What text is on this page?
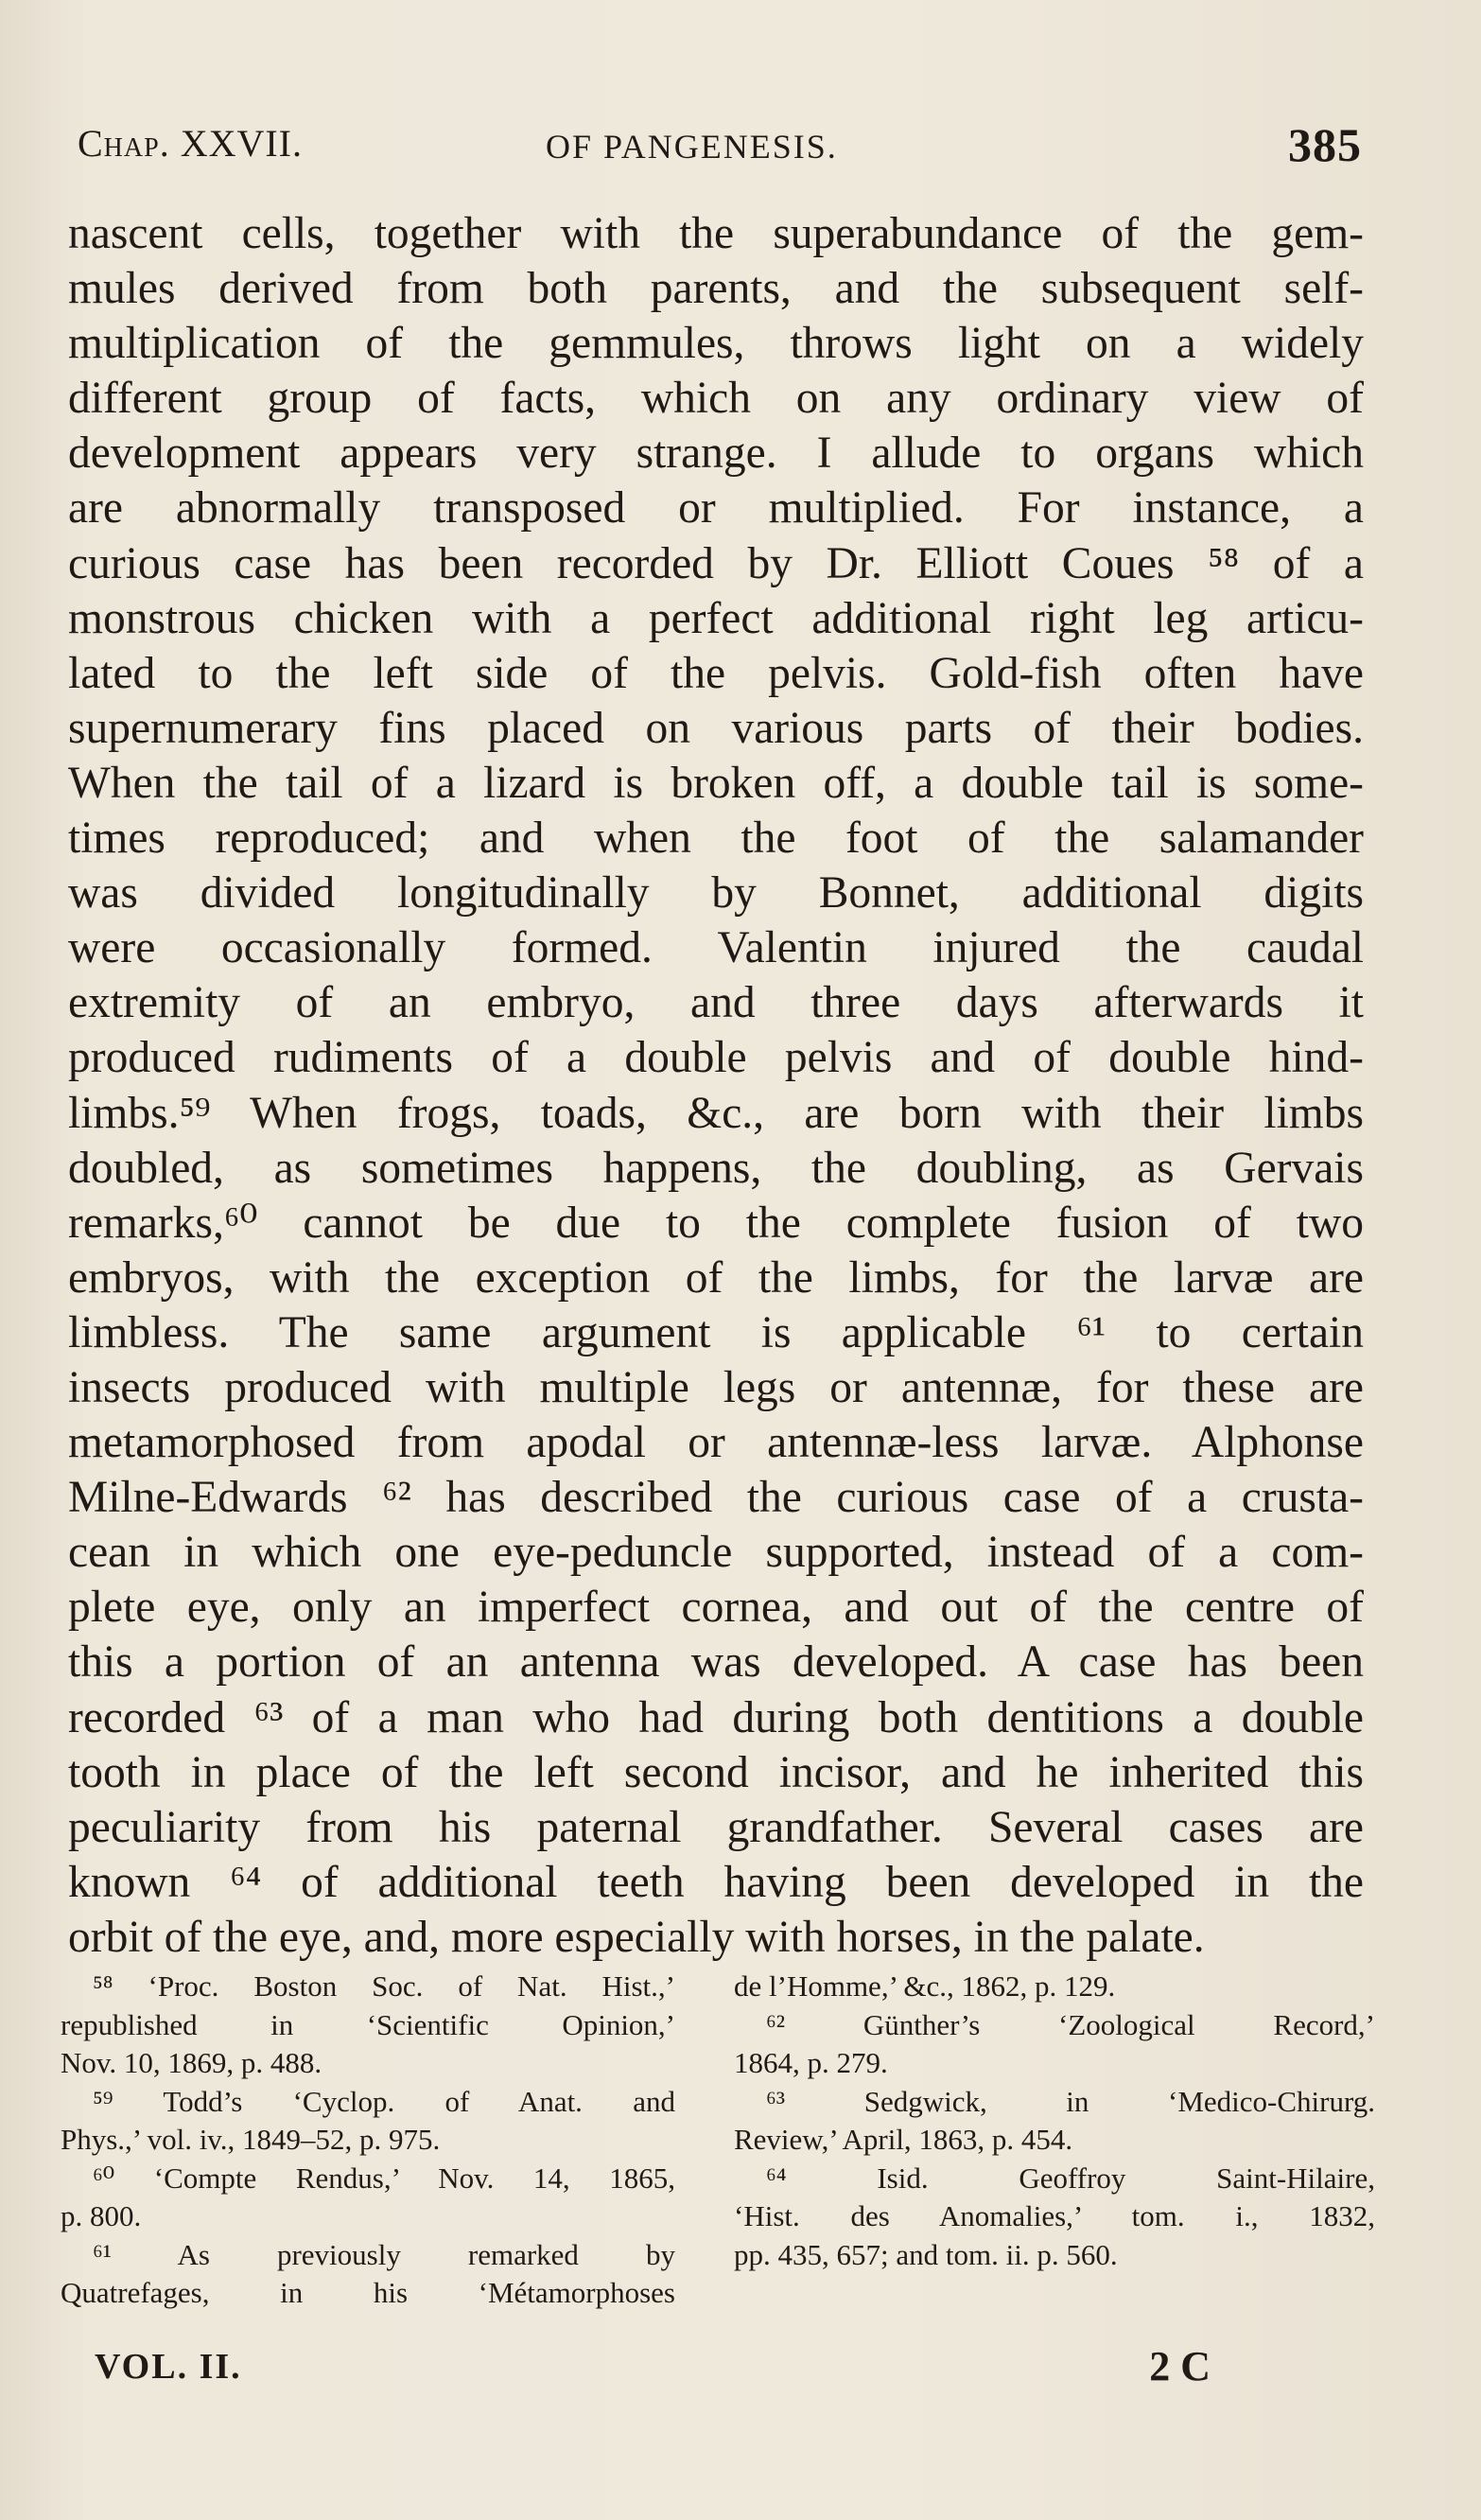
Chap. XXVII.	OF PANGENESIS.	385
nascent cells, together with the superabundance of the gem-
mules derived from both parents, and the subsequent self-
multiplication of the gemmules, throws light on a widely
different group of facts, which on any ordinary view of
development appears very strange. I allude to organs which
are abnormally transposed or multiplied. For instance, a
curious case has been recorded by Dr. Elliott Coues ⁵⁸ of a
monstrous chicken with a perfect additional right leg articu-
lated to the left side of the pelvis. Gold-fish often have
supernumerary fins placed on various parts of their bodies.
When the tail of a lizard is broken off, a double tail is some-
times reproduced; and when the foot of the salamander
was divided longitudinally by Bonnet, additional digits
were occasionally formed. Valentin injured the caudal
extremity of an embryo, and three days afterwards it
produced rudiments of a double pelvis and of double hind-
limbs.⁵⁹ When frogs, toads, &c., are born with their limbs
doubled, as sometimes happens, the doubling, as Gervais
remarks,⁶⁰ cannot be due to the complete fusion of two
embryos, with the exception of the limbs, for the larvæ are
limbless. The same argument is applicable ⁶¹ to certain
insects produced with multiple legs or antennæ, for these are
metamorphosed from apodal or antennæ-less larvæ. Alphonse
Milne-Edwards ⁶² has described the curious case of a crusta-
cean in which one eye-peduncle supported, instead of a com-
plete eye, only an imperfect cornea, and out of the centre of
this a portion of an antenna was developed. A case has been
recorded ⁶³ of a man who had during both dentitions a double
tooth in place of the left second incisor, and he inherited this
peculiarity from his paternal grandfather. Several cases are
known ⁶⁴ of additional teeth having been developed in the
orbit of the eye, and, more especially with horses, in the palate.
⁵⁸ ‘Proc. Boston Soc. of Nat. Hist.,’
republished in ‘Scientific Opinion,’
Nov. 10, 1869, p. 488.
⁵⁹ Todd’s ‘Cyclop. of Anat. and
Phys.,’ vol. iv., 1849–52, p. 975.
⁶⁰ ‘Compte Rendus,’ Nov. 14, 1865,
p. 800.
⁶¹ As previously remarked by
Quatrefages, in his ‘Métamorphoses
de l’Homme,’ &c., 1862, p. 129.
⁶² Günther’s ‘Zoological Record,’
1864, p. 279.
⁶³ Sedgwick, in ‘Medico-Chirurg.
Review,’ April, 1863, p. 454.
⁶⁴ Isid. Geoffroy Saint-Hilaire,
‘Hist. des Anomalies,’ tom. i., 1832,
pp. 435, 657; and tom. ii. p. 560.
VOL. II.	2 C
